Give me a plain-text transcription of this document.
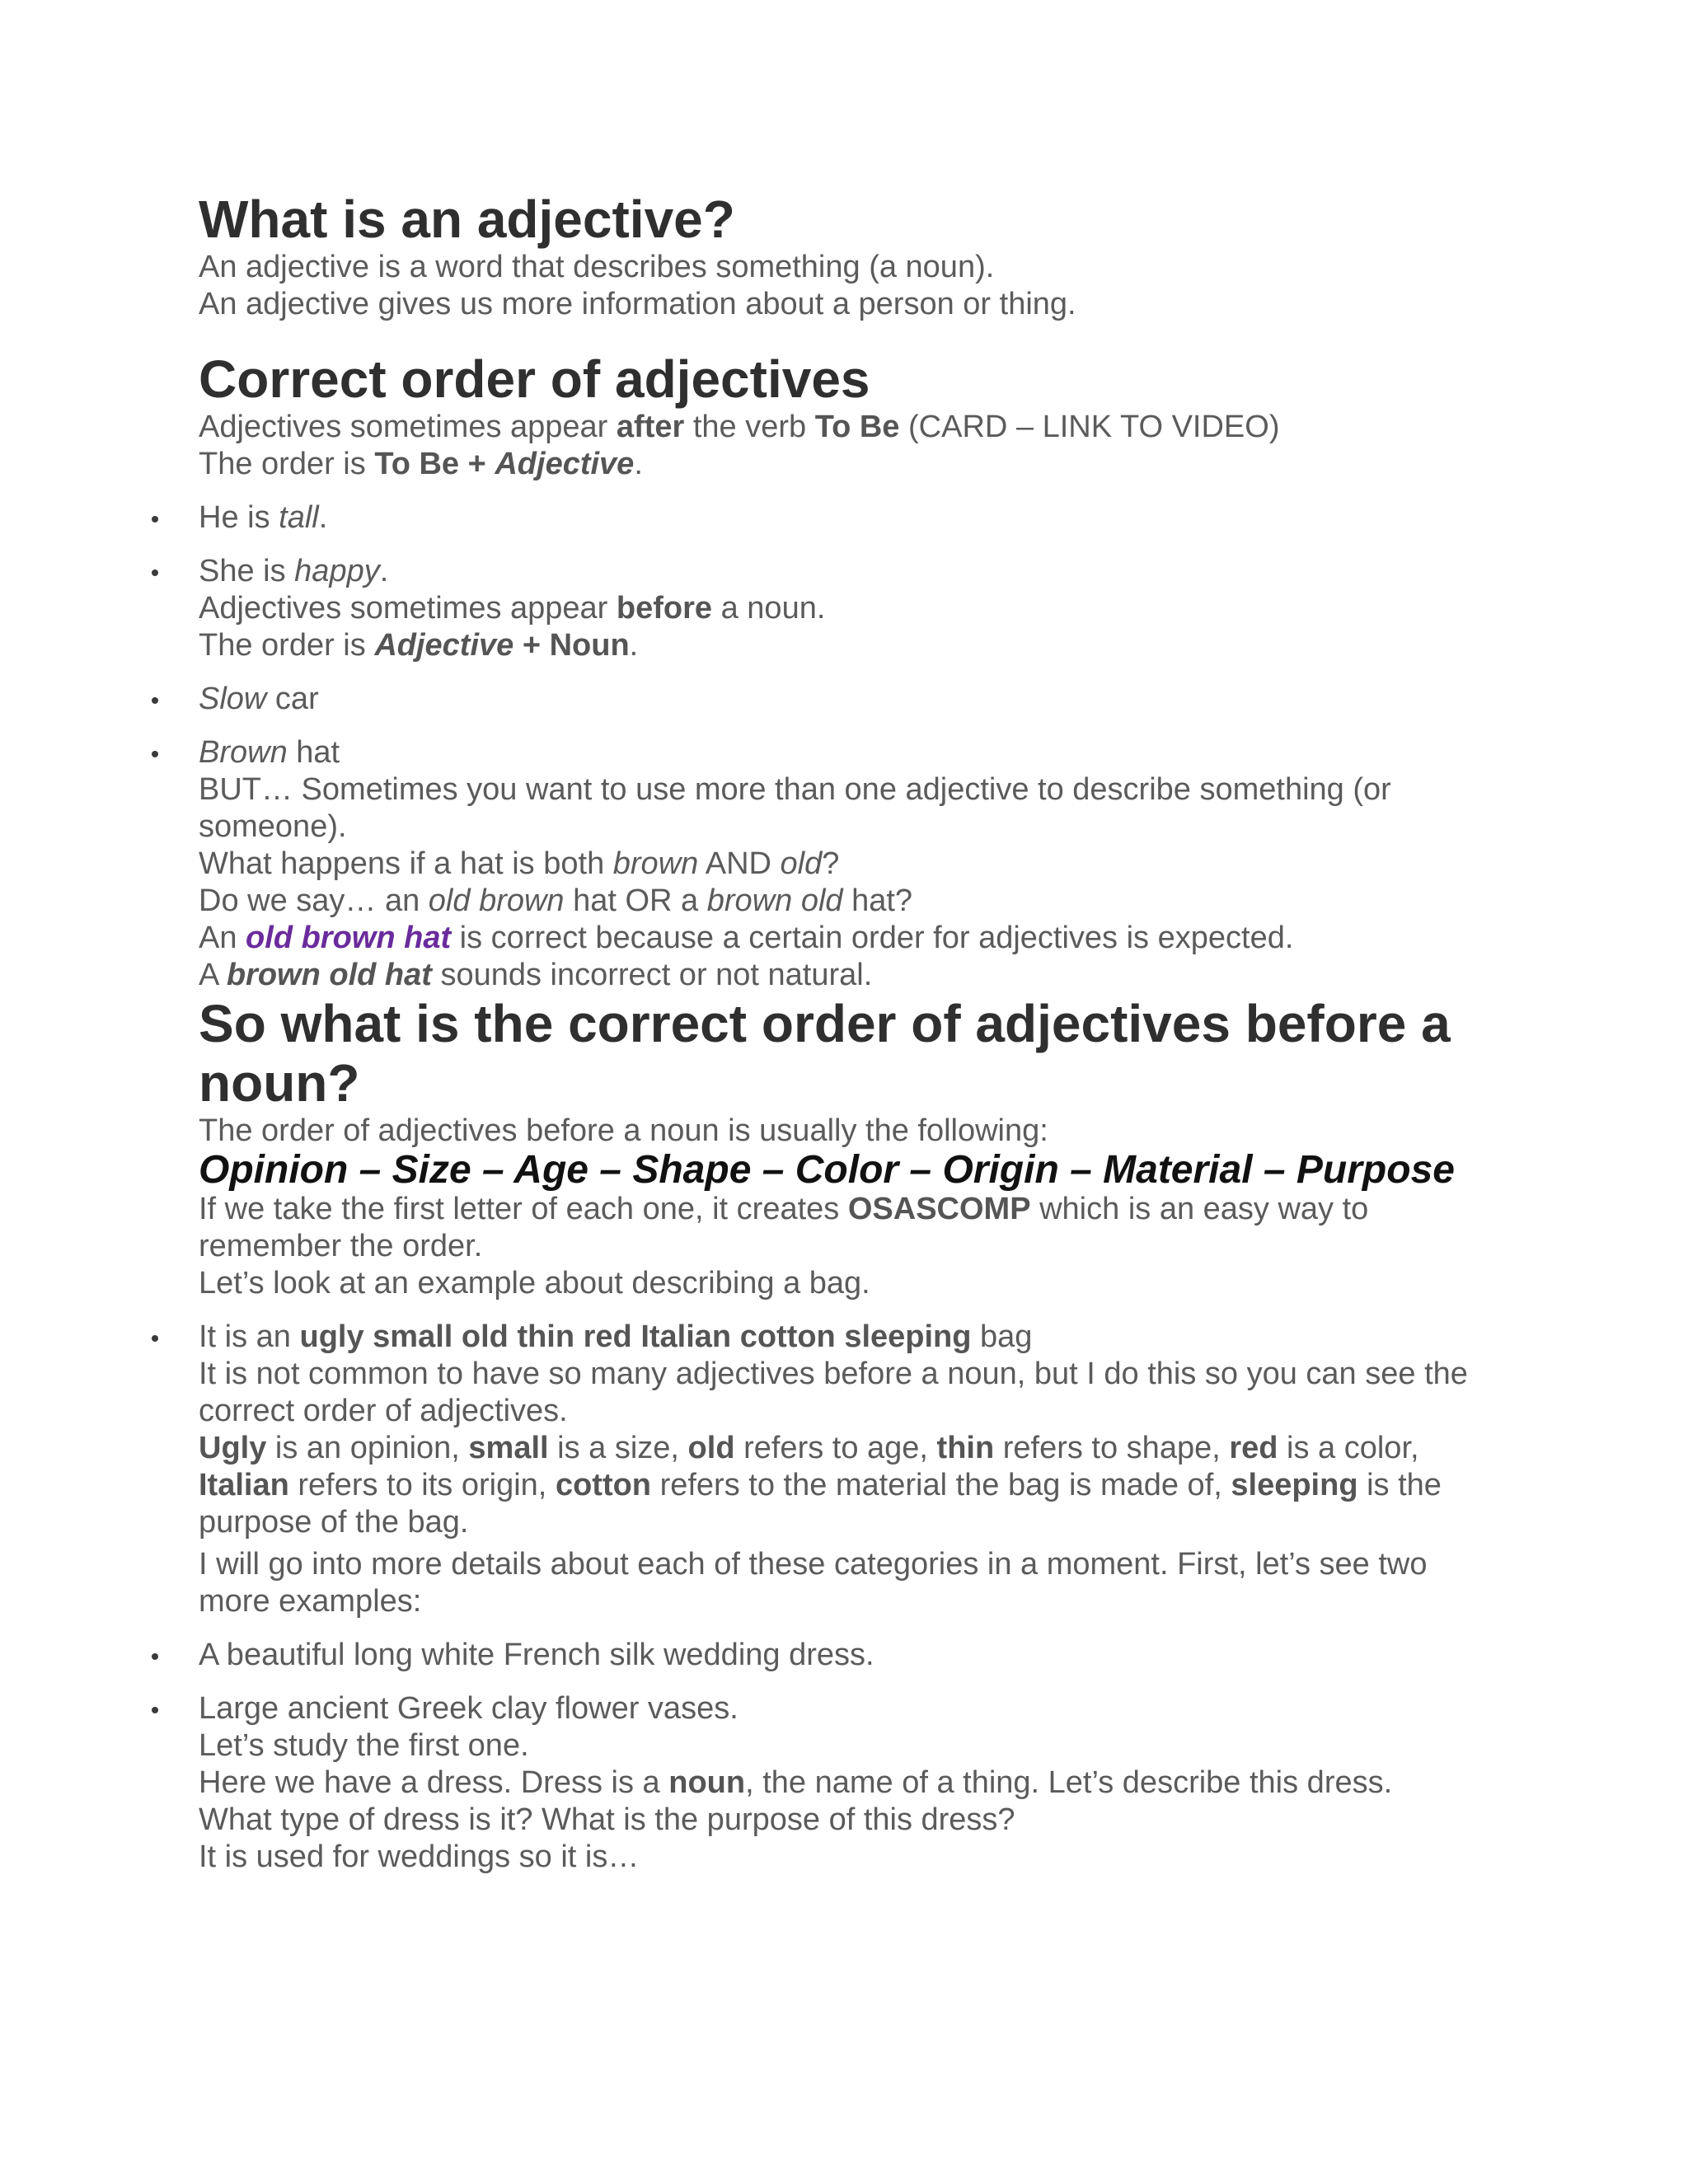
What is an adjective?

An adjective is a word that describes something (a noun).

An adjective gives us more information about a person or thing.

Correct order of adjectives

Adjectives sometimes appear after the verb To Be (CARD – LINK TO VIDEO)

The order is To Be + Adjective.

He is tall.
She is happy.

Adjectives sometimes appear before a noun.

The order is Adjective + Noun.

Slow car
Brown hat

BUT… Sometimes you want to use more than one adjective to describe something (or someone).

What happens if a hat is both brown AND old?

Do we say… an old brown hat OR a brown old hat?

An old brown hat is correct because a certain order for adjectives is expected.

A brown old hat sounds incorrect or not natural.

So what is the correct order of adjectives before a noun?

The order of adjectives before a noun is usually the following:

Opinion – Size – Age – Shape – Color – Origin – Material – Purpose

If we take the first letter of each one, it creates OSASCOMP which is an easy way to remember the order.

Let’s look at an example about describing a bag.

It is an ugly small old thin red Italian cotton sleeping bag

It is not common to have so many adjectives before a noun, but I do this so you can see the correct order of adjectives.

Ugly is an opinion, small is a size, old refers to age, thin refers to shape, red is a color, Italian refers to its origin, cotton refers to the material the bag is made of, sleeping is the purpose of the bag.

I will go into more details about each of these categories in a moment. First, let’s see two more examples:

A beautiful long white French silk wedding dress.
Large ancient Greek clay flower vases.

Let’s study the first one.

Here we have a dress. Dress is a noun, the name of a thing. Let’s describe this dress.

What type of dress is it? What is the purpose of this dress?

It is used for weddings so it is…
